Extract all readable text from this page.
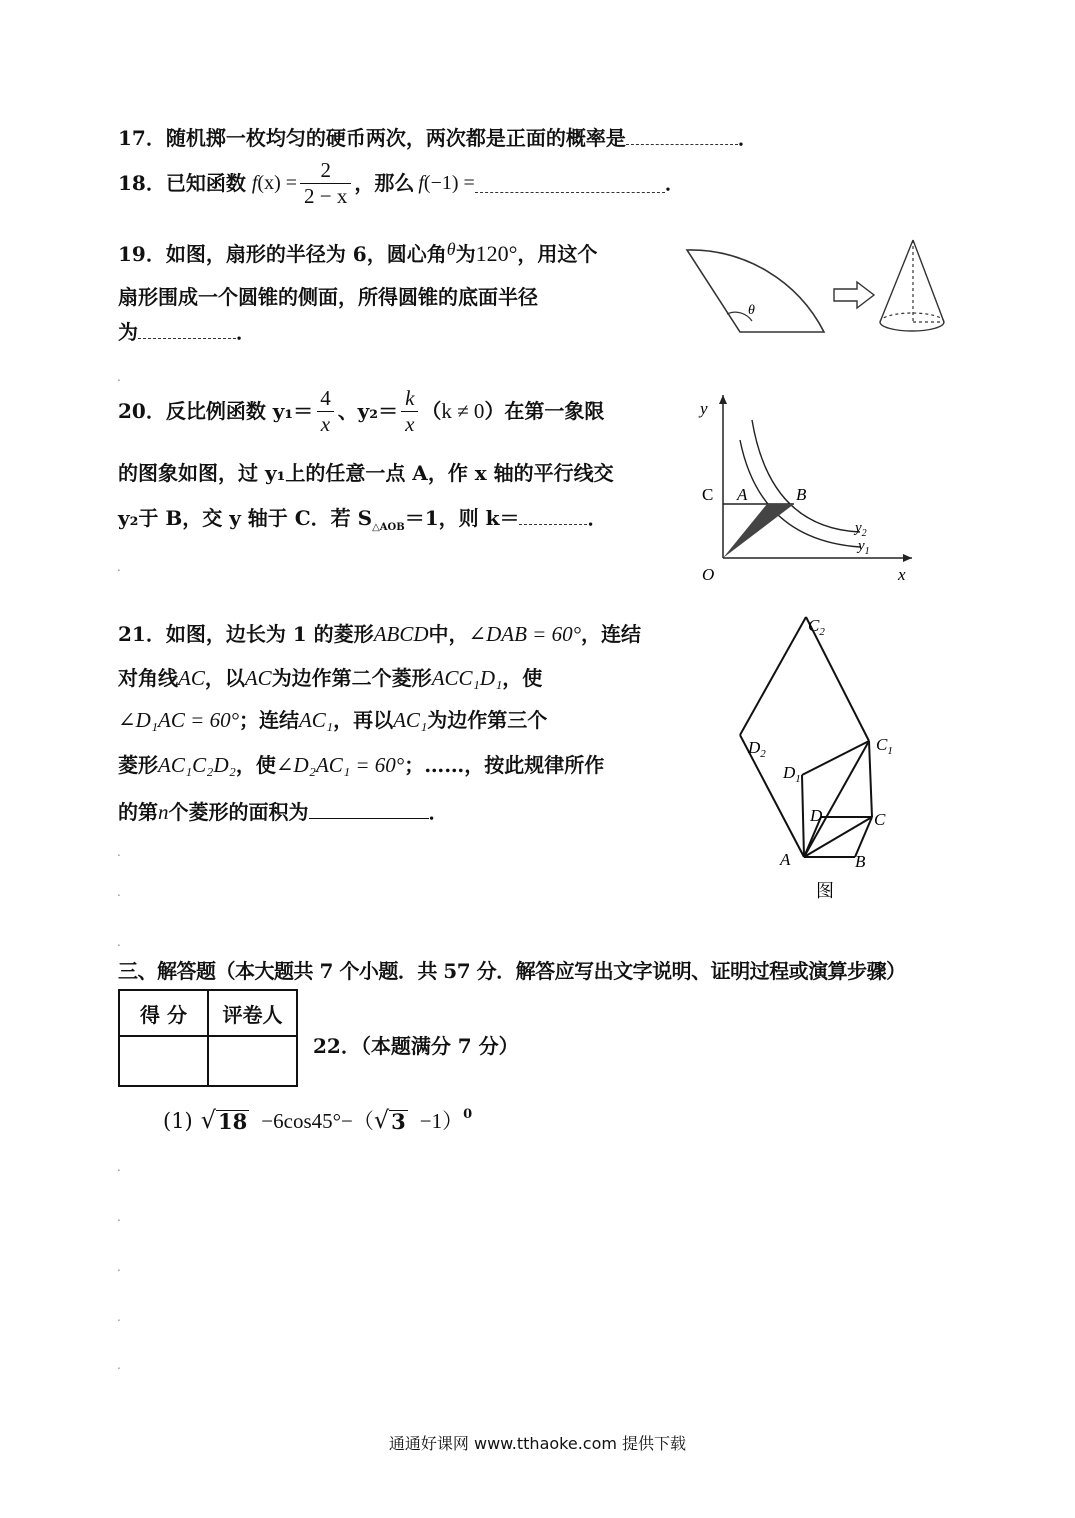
17．随机掷一枚均匀的硬币两次，两次都是正面的概率是	．
18． 已知函数 f $(x) = \frac{2}{2 - x}$ ，那么 f (−1) =	．
19．如图，扇形的半径为 6，圆心角θ为120°，用这个
扇形围成一个圆锥的侧面，所得圆锥的底面半径
为	．
θ
20． 反比例函数 $y_1= \frac{4}{x}$ 、$y_2= \frac{k}{x}$ （ k ≠ 0 ）在第一象限
的图象如图，过 y₁上的任意一点 A，作 x 轴的平行线交
y₂于 B，交 y 轴于 C．若 $S_{\triangle AOB}=1$，则 k＝	．
y
x
O
C A	B
$y_2$
$y_1$
21．如图，边长为 1 的菱形ABCD中，∠DAB = 60°，连结
对角线AC，以AC为边作第二个菱形ACC₁D₁，使
∠D₁AC = 60°；连结AC₁，再以AC₁为边作第三个
菱形AC₁C₂D₂，使∠D₂AC₁ = 60°；……，按此规律所作
的第n个菱形的面积为	．
$C_2$
$D_2$	$C_1$
$D_1$
D	C
A	B
图
三、解答题（本大题共 7 个小题．共 57 分．解答应写出文字说明、证明过程或演算步骤）
得 分	评卷人

22．（本题满分 7 分）
(1) √ 18 −6cos45°−（ √ 3 −1）$^0$
.
.
.
.
.
.
.
.
.
.
通通好课网 www.tthaoke.com 提供下载
